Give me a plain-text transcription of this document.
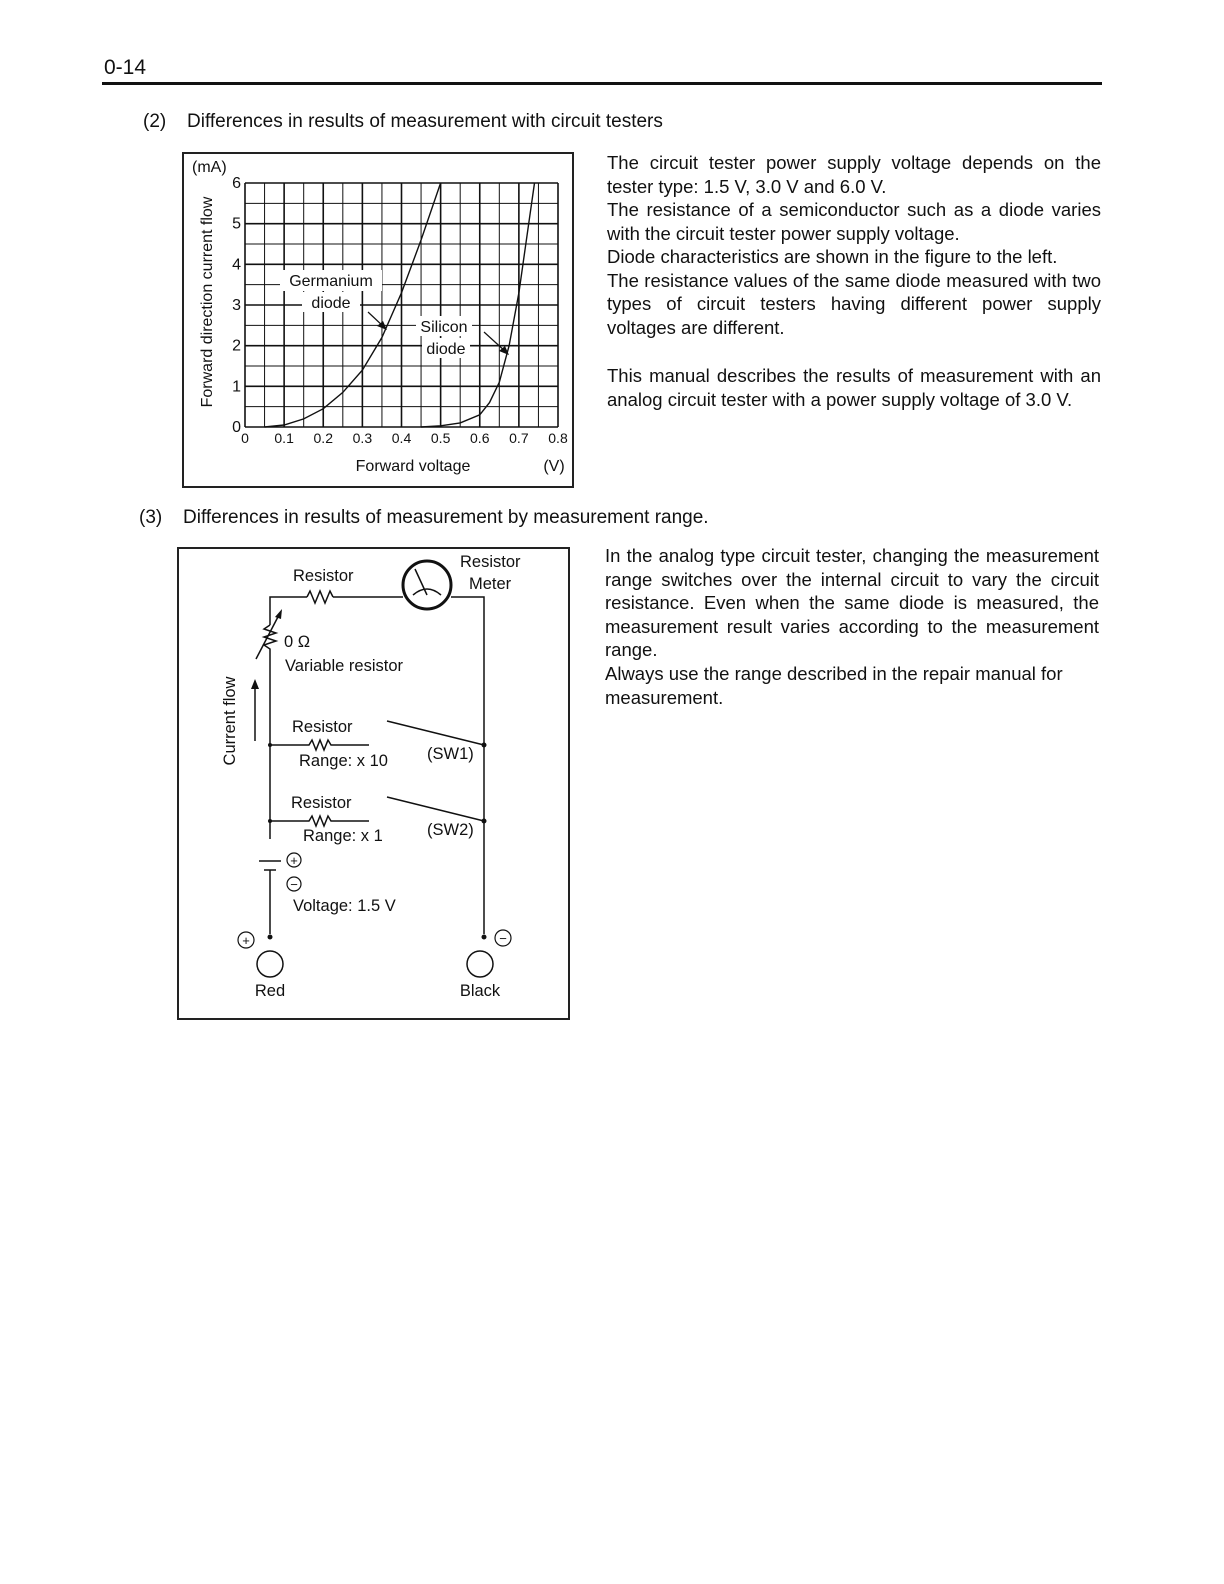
0-14
(2) Differences in results of measurement with circuit testers
0 0.1 0.2 0.3 0.4 0.5 0.6 0.7 0.8
0
1
2
3
4
5
6
(mA)
Forward direction current flow
Forward voltage	(V)
Germanium
diode
Silicon
diode

The circuit tester power supply voltage depends on the tester type: 1.5 V, 3.0 V and 6.0 V.

The resistance of a semiconductor such as a diode varies with the circuit tester power supply voltage.

Diode characteristics are shown in the figure to the left.

The resistance values of the same diode measured with two types of circuit testers having different power supply voltages are different.

This manual describes the results of measurement with an analog circuit tester with a power supply voltage of 3.0 V.
(3) Differences in results of measurement by measurement range.
Resistor
Resistor
Meter
0 Ω
Variable resistor
Current flow	Resistor
Range: x 10 (SW1)
Resistor
Range: x 1	(SW2)
Voltage: 1.5 V
Red	Black
+
−
+	−
In the analog type circuit tester, changing the measurement range switches over the internal circuit to vary the circuit resistance. Even when the same diode is measured, the measurement result varies according to the measurement range.
Always use the range described in the repair manual for measurement.
